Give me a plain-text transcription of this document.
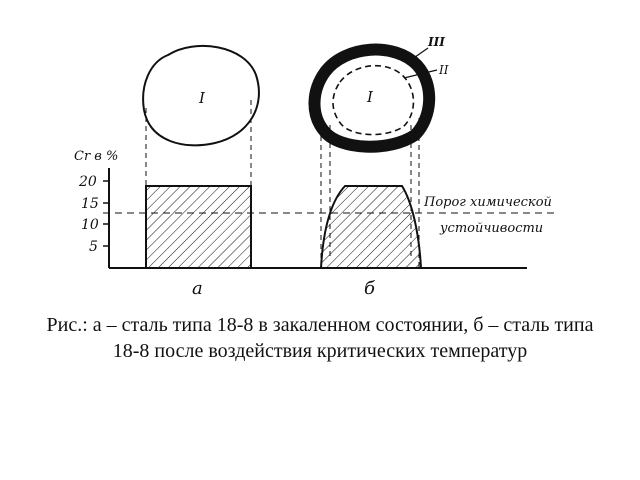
I	I
III
II
Cr в %
20
15
10
5
Порог химической
устойчивости
а	б
Рис.: а – сталь типа 18-8 в закаленном состоянии, б – сталь типа 18-8 после воздействия критических температур
